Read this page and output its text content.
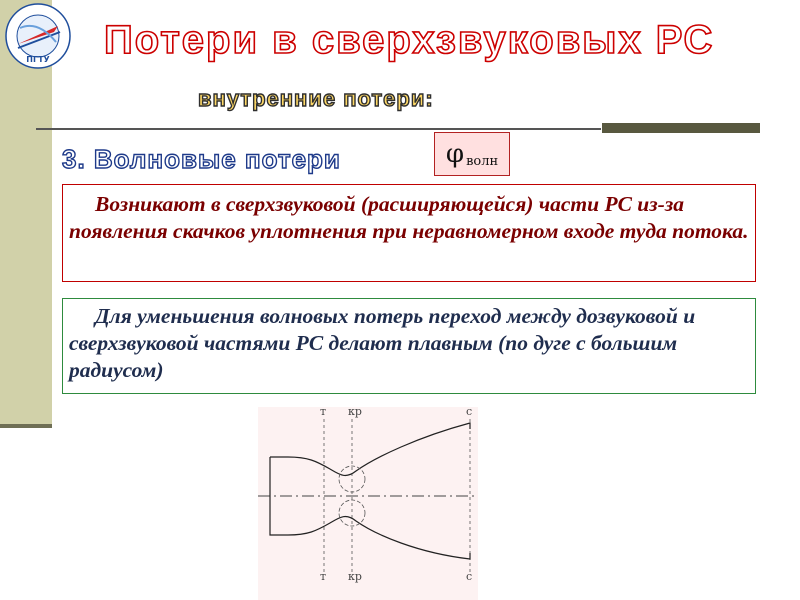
ПГТУ Потери в сверхзвуковых РС
внутренние потери:
3. Волновые потери	φ волн

Возникают в сверхзвуковой (расширяющейся) части РС из-за появления скачков уплотнения при неравномерном входе туда потока.

Для уменьшения волновых потерь переход между дозвуковой и сверхзвуковой частями РС делают плавным (по дуге с большим радиусом)

т кр	с
т кр	с
